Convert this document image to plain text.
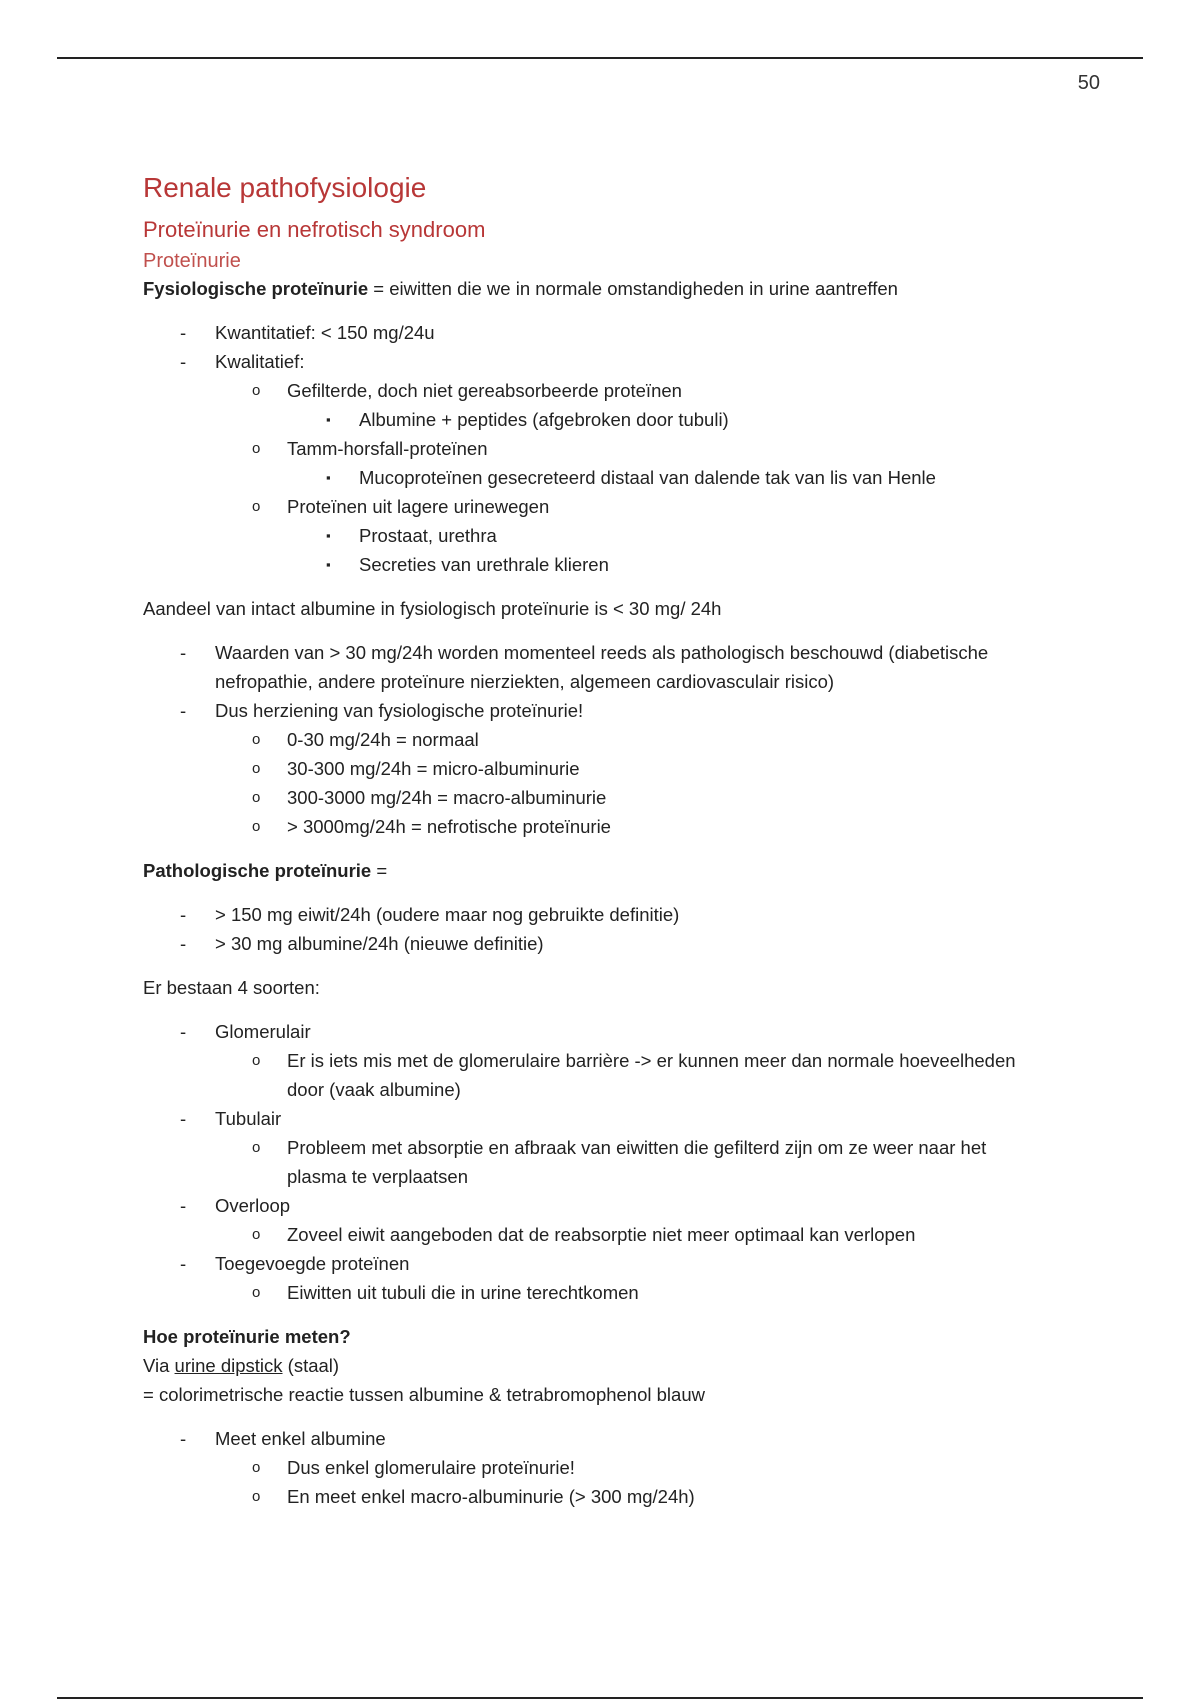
50
Renale pathofysiologie
Proteïnurie en nefrotisch syndroom
Proteïnurie

Fysiologische proteïnurie = eiwitten die we in normale omstandigheden in urine aantreffen

- Kwantitatief: < 150 mg/24u
- Kwalitatief:
o Gefilterde, doch niet gereabsorbeerde proteïnen
▪ Albumine + peptides (afgebroken door tubuli)
o Tamm-horsfall-proteïnen
▪ Mucoproteïnen gesecreteerd distaal van dalende tak van lis van Henle
o Proteïnen uit lagere urinewegen
▪ Prostaat, urethra
▪ Secreties van urethrale klieren

Aandeel van intact albumine in fysiologisch proteïnurie is < 30 mg/ 24h

- Waarden van > 30 mg/24h worden momenteel reeds als pathologisch beschouwd (diabetische nefropathie, andere proteïnure nierziekten, algemeen cardiovasculair risico)
- Dus herziening van fysiologische proteïnurie!
o 0-30 mg/24h = normaal
o 30-300 mg/24h = micro-albuminurie
o 300-3000 mg/24h = macro-albuminurie
o > 3000mg/24h = nefrotische proteïnurie

Pathologische proteïnurie =

- > 150 mg eiwit/24h (oudere maar nog gebruikte definitie)
- > 30 mg albumine/24h (nieuwe definitie)

Er bestaan 4 soorten:

- Glomerulair
o Er is iets mis met de glomerulaire barrière -> er kunnen meer dan normale hoeveelheden door (vaak albumine)
- Tubulair
o Probleem met absorptie en afbraak van eiwitten die gefilterd zijn om ze weer naar het plasma te verplaatsen
- Overloop
o Zoveel eiwit aangeboden dat de reabsorptie niet meer optimaal kan verlopen
- Toegevoegde proteïnen
o Eiwitten uit tubuli die in urine terechtkomen

Hoe proteïnurie meten?

Via urine dipstick (staal)

= colorimetrische reactie tussen albumine & tetrabromophenol blauw

- Meet enkel albumine
o Dus enkel glomerulaire proteïnurie!
o En meet enkel macro-albuminurie (> 300 mg/24h)
